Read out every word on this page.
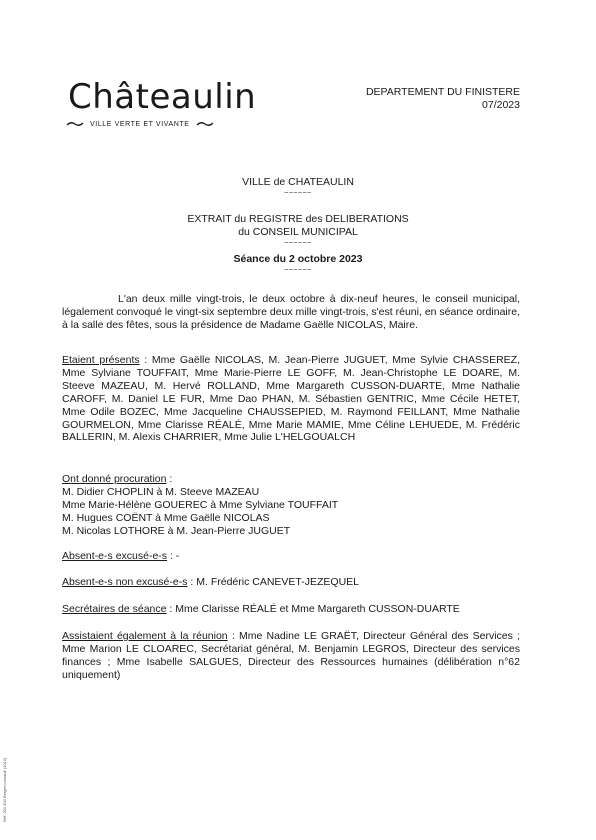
Châteaulin
VILLE VERTE ET VIVANTE
DEPARTEMENT DU FINISTERE
07/2023
VILLE de CHATEAULIN
~~~~~~
EXTRAIT du REGISTRE des DELIBERATIONS
du CONSEIL MUNICIPAL
~~~~~~
Séance du 2 octobre 2023
~~~~~~
L'an deux mille vingt-trois, le deux octobre à dix-neuf heures, le conseil municipal, légalement convoqué le vingt-six septembre deux mille vingt-trois, s'est réuni, en séance ordinaire, à la salle des fêtes, sous la présidence de Madame Gaëlle NICOLAS, Maire.
Etaient présents : Mme Gaëlle NICOLAS, M. Jean-Pierre JUGUET, Mme Sylvie CHASSEREZ, Mme Sylviane TOUFFAIT, Mme Marie-Pierre LE GOFF, M. Jean-Christophe LE DOARE, M. Steeve MAZEAU, M. Hervé ROLLAND, Mme Margareth CUSSON-DUARTE, Mme Nathalie CAROFF, M. Daniel LE FUR, Mme Dao PHAN, M. Sébastien GENTRIC, Mme Cécile HETET, Mme Odile BOZEC, Mme Jacqueline CHAUSSEPIED, M. Raymond FEILLANT, Mme Nathalie GOURMELON, Mme Clarisse RÉALÉ, Mme Marie MAMIE, Mme Céline LEHUEDE, M. Frédéric BALLERIN, M. Alexis CHARRIER, Mme Julie L'HELGOUALCH
Ont donné procuration :
M. Didier CHOPLIN à M. Steeve MAZEAU
Mme Marie-Hélène GOUEREC à Mme Sylviane TOUFFAIT
M. Hugues COËNT à Mme Gaëlle NICOLAS
M. Nicolas LOTHORE à M. Jean-Pierre JUGUET
Absent-e-s excusé-e-s : -
Absent-e-s non excusé-e-s : M. Frédéric CANEVET-JEZEQUEL
Secrétaires de séance : Mme Clarisse RÉALÉ et Mme Margareth CUSSON-DUARTE
Assistaient également à la réunion : Mme Nadine LE GRAËT, Directeur Général des Services ; Mme Marion LE CLOAREC, Secrétariat général, M. Benjamin LEGROS, Directeur des services finances ; Mme Isabelle SALGUES, Directeur des Ressources humaines (délibération n°62 uniquement)
Réf. 201 503 Berger-Levrault (1012)
